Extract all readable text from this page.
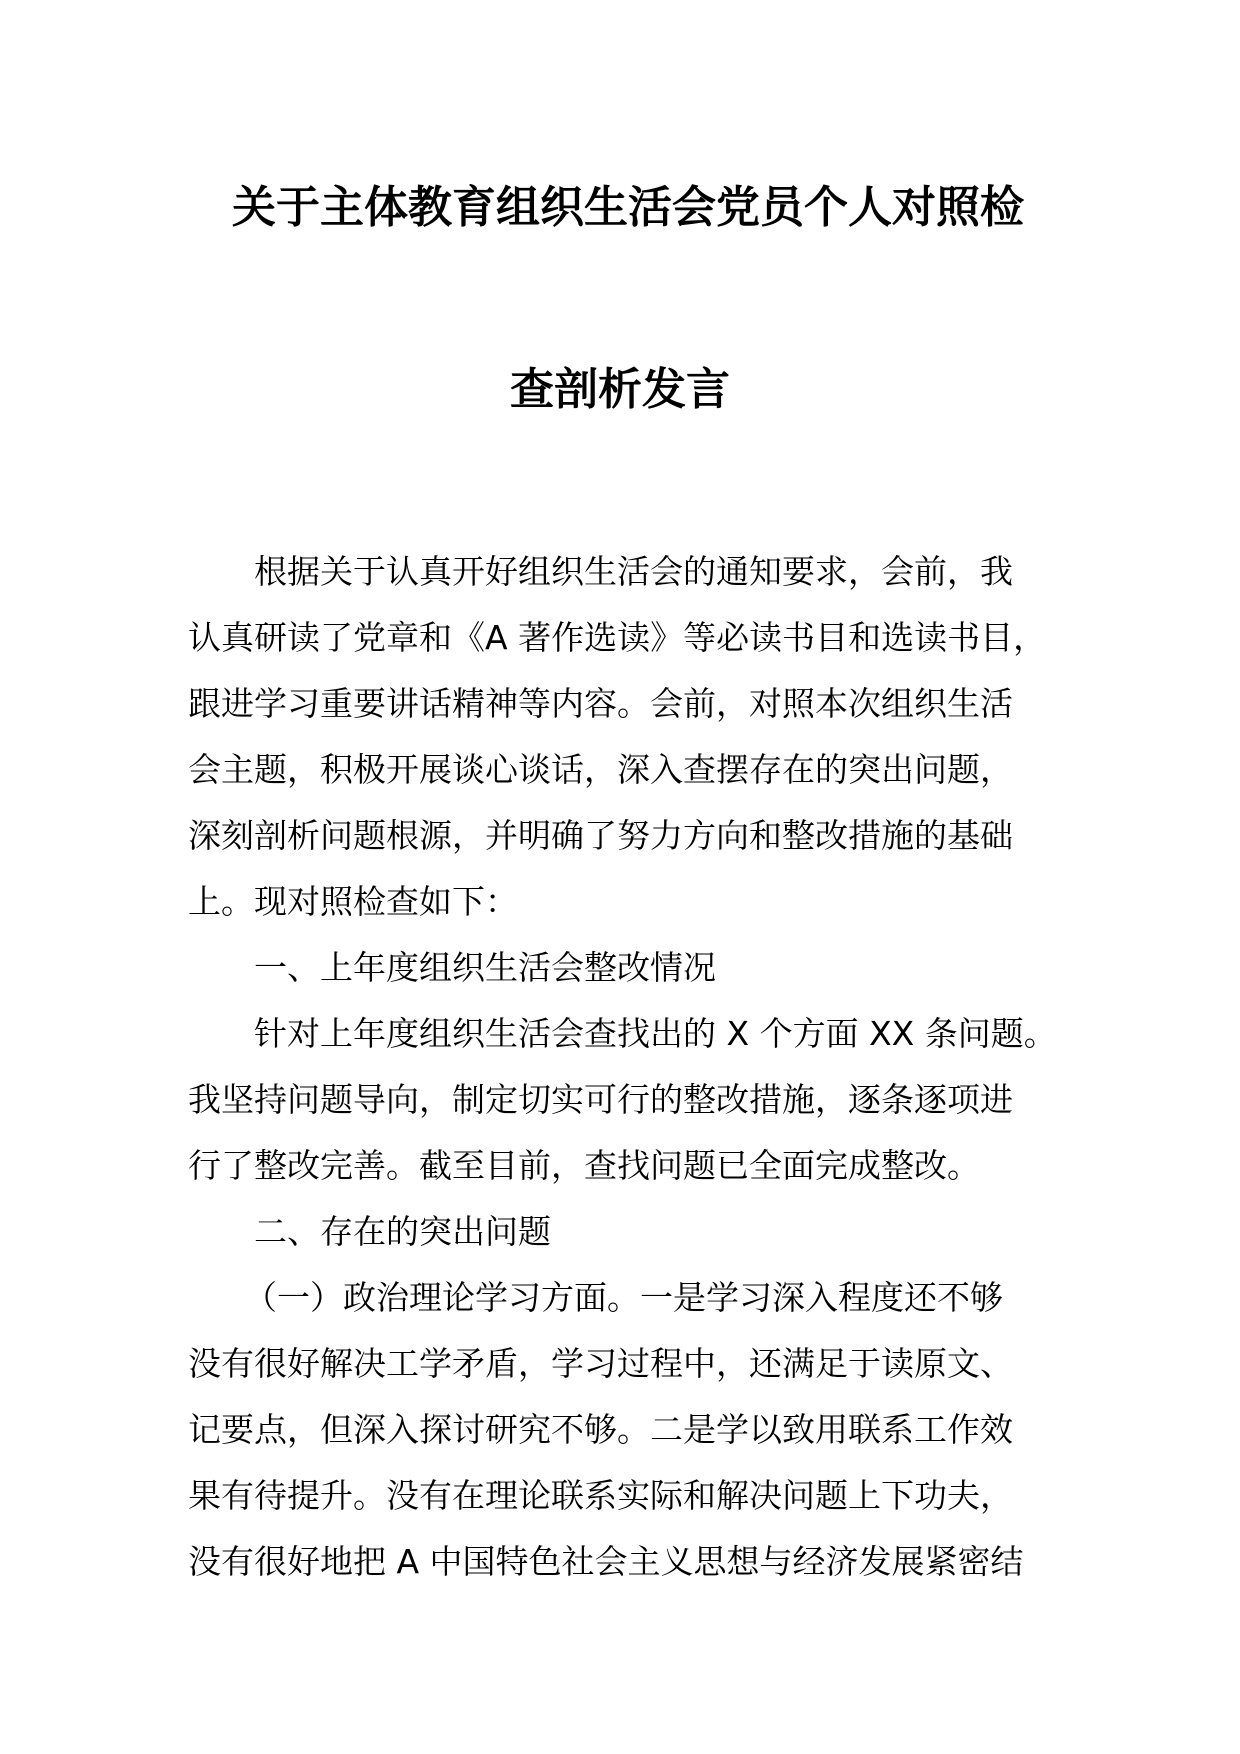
关于主体教育组织生活会党员个人对照检
查剖析发言
根据关于认真开好组织生活会的通知要求，会前，我
认真研读了党章和《A 著作选读》等必读书目和选读书目，
跟进学习重要讲话精神等内容。会前，对照本次组织生活
会主题，积极开展谈心谈话，深入查摆存在的突出问题，
深刻剖析问题根源，并明确了努力方向和整改措施的基础
上。现对照检查如下：
一、上年度组织生活会整改情况
针对上年度组织生活会查找出的 X 个方面 XX 条问题。
我坚持问题导向，制定切实可行的整改措施，逐条逐项进
行了整改完善。截至目前，查找问题已全面完成整改。
二、存在的突出问题
（一）政治理论学习方面。一是学习深入程度还不够
没有很好解决工学矛盾，学习过程中，还满足于读原文、
记要点，但深入探讨研究不够。二是学以致用联系工作效
果有待提升。没有在理论联系实际和解决问题上下功夫，
没有很好地把 A 中国特色社会主义思想与经济发展紧密结
